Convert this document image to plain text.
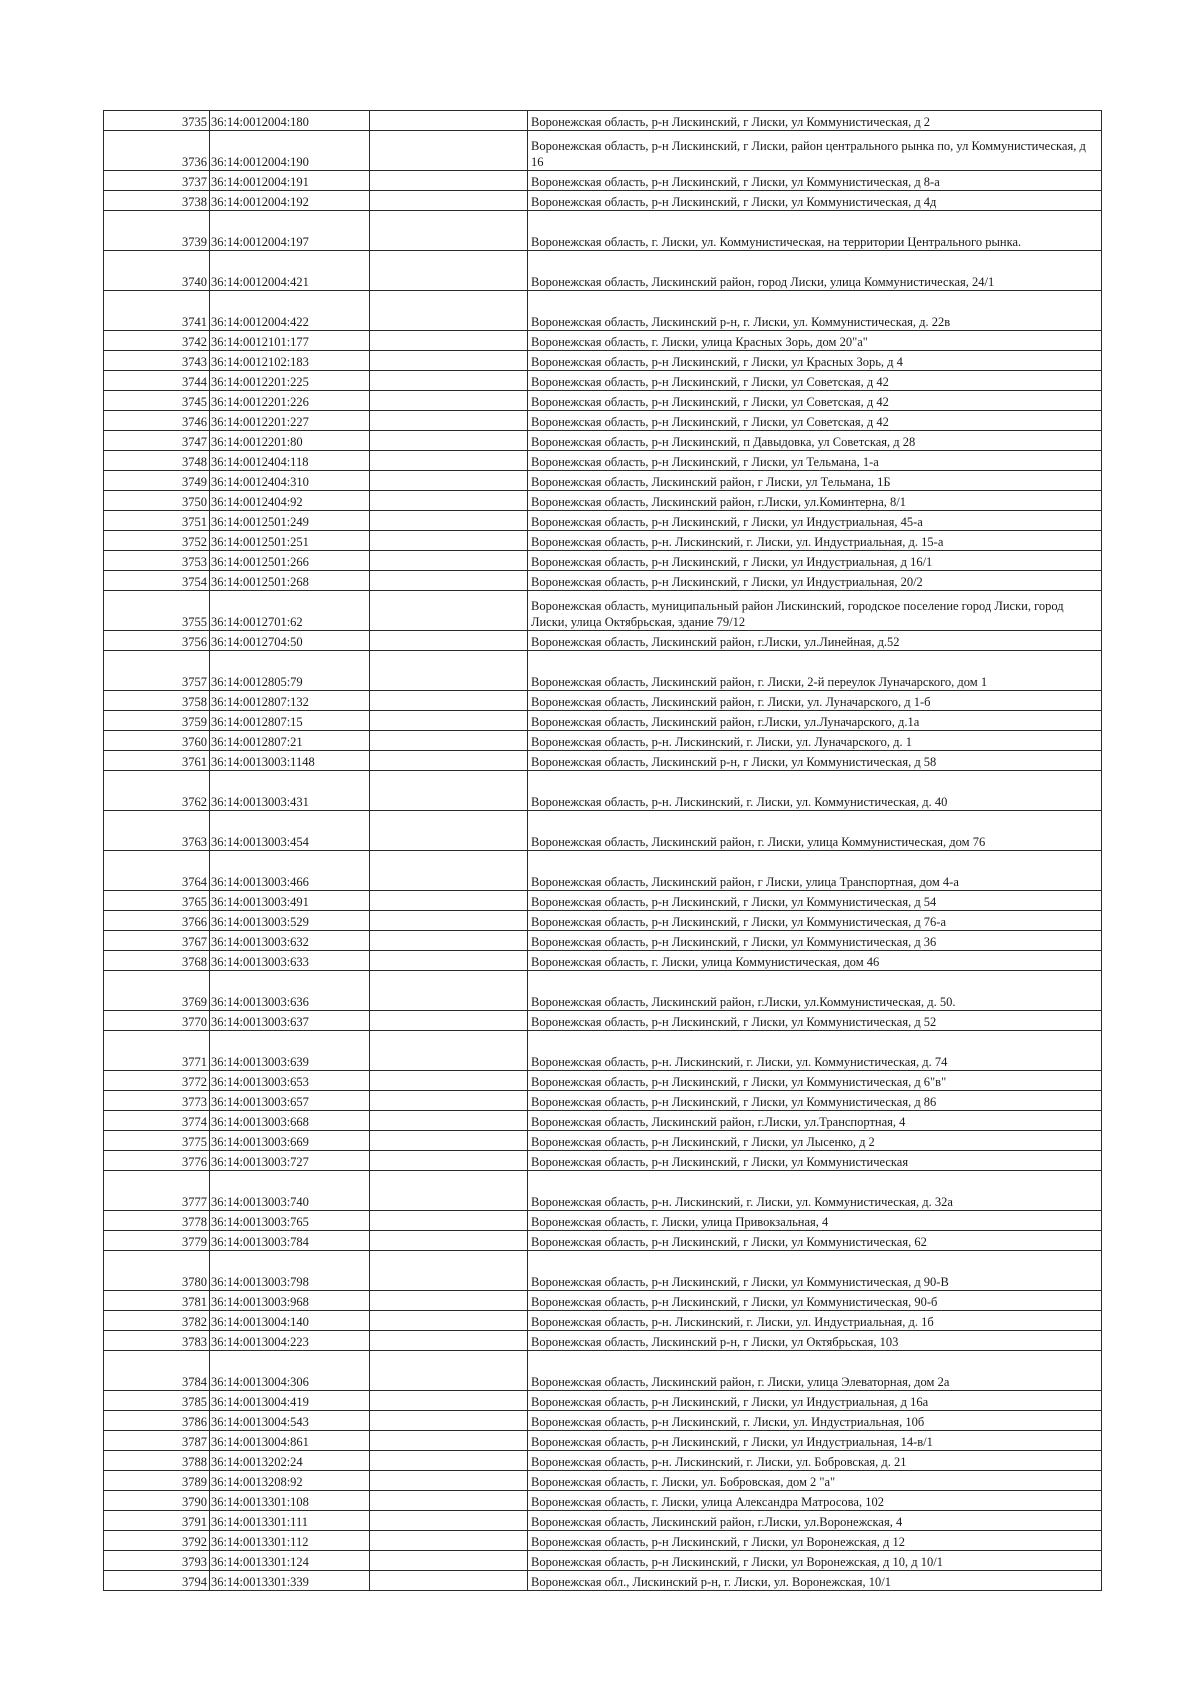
3735	36:14:0012004:180		Воронежская область, р-н Лискинский, г Лиски, ул Коммунистическая, д 2
3736	36:14:0012004:190		Воронежская область, р-н Лискинский, г Лиски, район центрального рынка по, ул Коммунистическая, д 16
3737	36:14:0012004:191		Воронежская область, р-н Лискинский, г Лиски, ул Коммунистическая, д 8-а
3738	36:14:0012004:192		Воронежская область, р-н Лискинский, г Лиски, ул Коммунистическая, д 4д
3739	36:14:0012004:197		Воронежская область, г. Лиски, ул. Коммунистическая, на территории Центрального рынка.
3740	36:14:0012004:421		Воронежская область, Лискинский район, город Лиски, улица Коммунистическая, 24/1
3741	36:14:0012004:422		Воронежская область, Лискинский р-н, г. Лиски, ул. Коммунистическая, д. 22в
3742	36:14:0012101:177		Воронежская область, г. Лиски, улица Красных Зорь, дом 20"а"
3743	36:14:0012102:183		Воронежская область, р-н Лискинский, г Лиски, ул Красных Зорь, д 4
3744	36:14:0012201:225		Воронежская область, р-н Лискинский, г Лиски, ул Советская, д 42
3745	36:14:0012201:226		Воронежская область, р-н Лискинский, г Лиски, ул Советская, д 42
3746	36:14:0012201:227		Воронежская область, р-н Лискинский, г Лиски, ул Советская, д 42
3747	36:14:0012201:80		Воронежская область, р-н Лискинский, п Давыдовка, ул Советская, д 28
3748	36:14:0012404:118		Воронежская область, р-н Лискинский, г Лиски, ул Тельмана, 1-а
3749	36:14:0012404:310		Воронежская область, Лискинский район, г Лиски, ул Тельмана, 1Б
3750	36:14:0012404:92		Воронежская область, Лискинский район, г.Лиски, ул.Коминтерна, 8/1
3751	36:14:0012501:249		Воронежская область, р-н Лискинский, г Лиски, ул Индустриальная, 45-а
3752	36:14:0012501:251		Воронежская область, р-н. Лискинский, г. Лиски, ул. Индустриальная, д. 15-а
3753	36:14:0012501:266		Воронежская область, р-н Лискинский, г Лиски, ул Индустриальная, д 16/1
3754	36:14:0012501:268		Воронежская область, р-н Лискинский, г Лиски, ул Индустриальная, 20/2
3755	36:14:0012701:62		Воронежская область, муниципальный район Лискинский, городское поселение город Лиски, город Лиски, улица Октябрьская, здание 79/12
3756	36:14:0012704:50		Воронежская область, Лискинский район, г.Лиски, ул.Линейная, д.52
3757	36:14:0012805:79		Воронежская область, Лискинский район, г. Лиски, 2-й переулок Луначарского, дом 1
3758	36:14:0012807:132		Воронежская область, Лискинский район, г. Лиски, ул. Луначарского, д 1-б
3759	36:14:0012807:15		Воронежская область, Лискинский район, г.Лиски, ул.Луначарского, д.1а
3760	36:14:0012807:21		Воронежская область, р-н. Лискинский, г. Лиски, ул. Луначарского, д. 1
3761	36:14:0013003:1148		Воронежская область, Лискинский р-н, г Лиски, ул Коммунистическая, д 58
3762	36:14:0013003:431		Воронежская область, р-н. Лискинский, г. Лиски, ул. Коммунистическая, д. 40
3763	36:14:0013003:454		Воронежская область, Лискинский район, г. Лиски, улица Коммунистическая, дом 76
3764	36:14:0013003:466		Воронежская область, Лискинский район, г Лиски, улица Транспортная, дом 4-а
3765	36:14:0013003:491		Воронежская область, р-н Лискинский, г Лиски, ул Коммунистическая, д 54
3766	36:14:0013003:529		Воронежская область, р-н Лискинский, г Лиски, ул Коммунистическая, д 76-а
3767	36:14:0013003:632		Воронежская область, р-н Лискинский, г Лиски, ул Коммунистическая, д 36
3768	36:14:0013003:633		Воронежская область, г. Лиски, улица Коммунистическая, дом 46
3769	36:14:0013003:636		Воронежская область, Лискинский район, г.Лиски, ул.Коммунистическая, д. 50.
3770	36:14:0013003:637		Воронежская область, р-н Лискинский, г Лиски, ул Коммунистическая, д 52
3771	36:14:0013003:639		Воронежская область, р-н. Лискинский, г. Лиски, ул. Коммунистическая, д. 74
3772	36:14:0013003:653		Воронежская область, р-н Лискинский, г Лиски, ул Коммунистическая, д 6"в"
3773	36:14:0013003:657		Воронежская область, р-н Лискинский, г Лиски, ул Коммунистическая, д 86
3774	36:14:0013003:668		Воронежская область, Лискинский район, г.Лиски, ул.Транспортная, 4
3775	36:14:0013003:669		Воронежская область, р-н Лискинский, г Лиски, ул Лысенко, д 2
3776	36:14:0013003:727		Воронежская область, р-н Лискинский, г Лиски, ул Коммунистическая
3777	36:14:0013003:740		Воронежская область, р-н. Лискинский, г. Лиски, ул. Коммунистическая, д. 32а
3778	36:14:0013003:765		Воронежская область, г. Лиски, улица Привокзальная, 4
3779	36:14:0013003:784		Воронежская область, р-н Лискинский, г Лиски, ул Коммунистическая, 62
3780	36:14:0013003:798		Воронежская область, р-н Лискинский, г Лиски, ул Коммунистическая, д 90-В
3781	36:14:0013003:968		Воронежская область, р-н Лискинский, г Лиски, ул Коммунистическая, 90-б
3782	36:14:0013004:140		Воронежская область, р-н. Лискинский, г. Лиски, ул. Индустриальная, д. 1б
3783	36:14:0013004:223		Воронежская область, Лискинский р-н, г Лиски, ул Октябрьская, 103
3784	36:14:0013004:306		Воронежская область, Лискинский район, г. Лиски, улица Элеваторная, дом 2а
3785	36:14:0013004:419		Воронежская область, р-н Лискинский, г Лиски, ул Индустриальная, д 16а
3786	36:14:0013004:543		Воронежская область, р-н Лискинский, г. Лиски, ул. Индустриальная, 10б
3787	36:14:0013004:861		Воронежская область, р-н Лискинский, г Лиски, ул Индустриальная, 14-в/1
3788	36:14:0013202:24		Воронежская область, р-н. Лискинский, г. Лиски, ул. Бобровская, д. 21
3789	36:14:0013208:92		Воронежская область, г. Лиски, ул. Бобровская, дом 2 "а"
3790	36:14:0013301:108		Воронежская область, г. Лиски, улица Александра Матросова, 102
3791	36:14:0013301:111		Воронежская область, Лискинский район, г.Лиски, ул.Воронежская, 4
3792	36:14:0013301:112		Воронежская область, р-н Лискинский, г Лиски, ул Воронежская, д 12
3793	36:14:0013301:124		Воронежская область, р-н Лискинский, г Лиски, ул Воронежская, д 10, д 10/1
3794	36:14:0013301:339		Воронежская обл., Лискинский р-н, г. Лиски, ул. Воронежская, 10/1
